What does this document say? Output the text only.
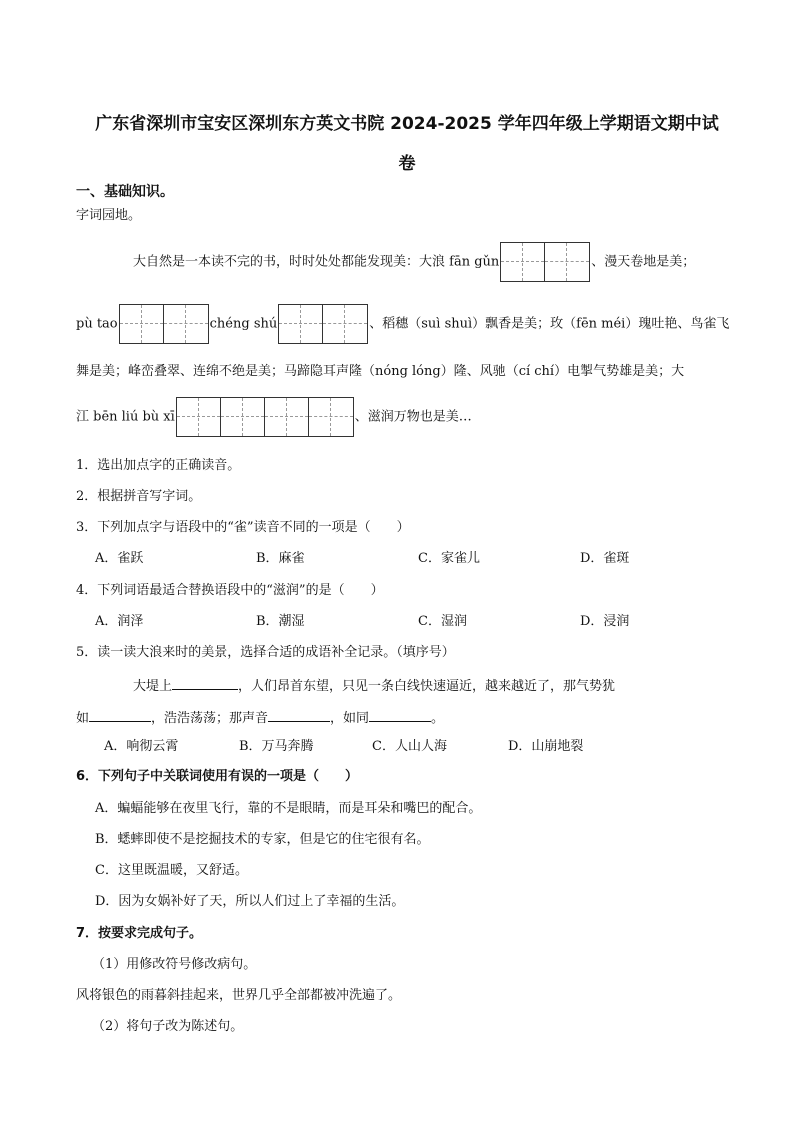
广东省深圳市宝安区深圳东方英文书院 2024-2025 学年四年级上学期语文期中试
卷
一、基础知识。
字词园地。
大自然是一本读不完的书，时时处处都能发现美：大浪 fān gǔn	、漫天卷地是美；
pù tao	chéng shú	、稻穗（suì shuì）飘香是美；玫（fēn méi）瑰吐艳、鸟雀飞
舞是美；峰峦叠翠、连绵不绝是美；马蹄隐耳声隆（nóng lóng）隆、风驰（cí chí）电掣气势雄是美；大
江 bēn liú bù xī	、滋润万物也是美…
1．选出加点字的正确读音。
2．根据拼音写字词。
3．下列加点字与语段中的“雀”读音不同的一项是（　　）
A．雀跃	B．麻雀	C．家雀儿	D．雀斑
4．下列词语最适合替换语段中的“滋润”的是（　　）
A．润泽	B．潮湿	C．湿润	D．浸润
5．读一读大浪来时的美景，选择合适的成语补全记录。（填序号）
大堤上	，人们昂首东望，只见一条白线快速逼近，越来越近了，那气势犹
如	，浩浩荡荡；那声音	，如同	。
A．响彻云霄	B．万马奔腾	C．人山人海	D．山崩地裂
6．下列句子中关联词使用有误的一项是（　　）
A．蝙蝠能够在夜里飞行，靠的不是眼睛，而是耳朵和嘴巴的配合。
B．蟋蟀即使不是挖掘技术的专家，但是它的住宅很有名。
C．这里既温暖，又舒适。
D．因为女娲补好了天，所以人们过上了幸福的生活。
7．按要求完成句子。
（1）用修改符号修改病句。
风将银色的雨暮斜挂起来，世界几乎全部都被冲洗遍了。
（2）将句子改为陈述句。
